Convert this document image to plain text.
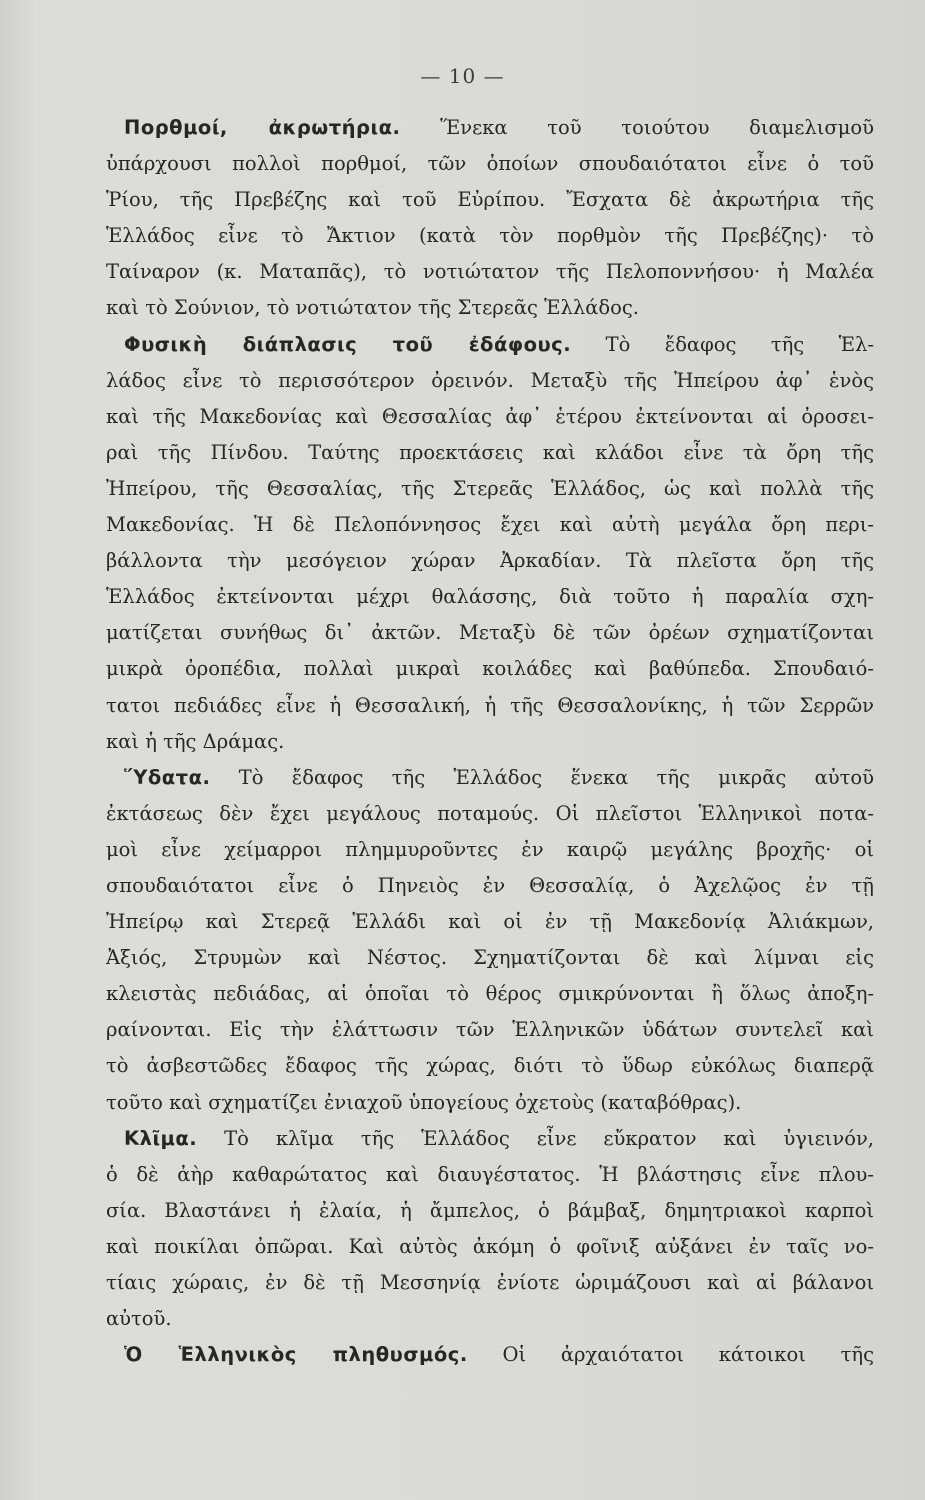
— 10 —
Πορθμοί, ἀκρωτήρια. Ἕνεκα τοῦ τοιούτου διαμελισμοῦ
ὑπάρχουσι πολλοὶ πορθμοί, τῶν ὁποίων σπουδαιότατοι εἶνε ὁ τοῦ
Ῥίου, τῆς Πρεβέζης καὶ τοῦ Εὐρίπου. Ἔσχατα δὲ ἀκρωτήρια τῆς
Ἑλλάδος εἶνε τὸ Ἄκτιον (κατὰ τὸν πορθμὸν τῆς Πρεβέζης)· τὸ
Ταίναρον (κ. Ματαπᾶς), τὸ νοτιώτατον τῆς Πελοποννήσου· ἡ Μαλέα
καὶ τὸ Σούνιον, τὸ νοτιώτατον τῆς Στερεᾶς Ἑλλάδος.
Φυσικὴ διάπλασις τοῦ ἐδάφους. Τὸ ἔδαφος τῆς Ἑλ-
λάδος εἶνε τὸ περισσότερον ὀρεινόν. Μεταξὺ τῆς Ἠπείρου ἀφ᾽ ἑνὸς
καὶ τῆς Μακεδονίας καὶ Θεσσαλίας ἀφ᾽ ἑτέρου ἐκτείνονται αἱ ὀροσει-
ραὶ τῆς Πίνδου. Ταύτης προεκτάσεις καὶ κλάδοι εἶνε τὰ ὄρη τῆς
Ἠπείρου, τῆς Θεσσαλίας, τῆς Στερεᾶς Ἑλλάδος, ὡς καὶ πολλὰ τῆς
Μακεδονίας. Ἡ δὲ Πελοπόννησος ἔχει καὶ αὐτὴ μεγάλα ὄρη περι-
βάλλοντα τὴν μεσόγειον χώραν Ἀρκαδίαν. Τὰ πλεῖστα ὄρη τῆς
Ἑλλάδος ἐκτείνονται μέχρι θαλάσσης, διὰ τοῦτο ἡ παραλία σχη-
ματίζεται συνήθως δι᾽ ἀκτῶν. Μεταξὺ δὲ τῶν ὀρέων σχηματίζονται
μικρὰ ὀροπέδια, πολλαὶ μικραὶ κοιλάδες καὶ βαθύπεδα. Σπουδαιό-
τατοι πεδιάδες εἶνε ἡ Θεσσαλική, ἡ τῆς Θεσσαλονίκης, ἡ τῶν Σερρῶν
καὶ ἡ τῆς Δράμας.
Ὕδατα. Τὸ ἔδαφος τῆς Ἑλλάδος ἕνεκα τῆς μικρᾶς αὐτοῦ
ἐκτάσεως δὲν ἔχει μεγάλους ποταμούς. Οἱ πλεῖστοι Ἑλληνικοὶ ποτα-
μοὶ εἶνε χείμαρροι πλημμυροῦντες ἐν καιρῷ μεγάλης βροχῆς· οἱ
σπουδαιότατοι εἶνε ὁ Πηνειὸς ἐν Θεσσαλίᾳ, ὁ Ἀχελῷος ἐν τῇ
Ἠπείρῳ καὶ Στερεᾷ Ἑλλάδι καὶ οἱ ἐν τῇ Μακεδονίᾳ Ἀλιάκμων,
Ἀξιός, Στρυμὼν καὶ Νέστος. Σχηματίζονται δὲ καὶ λίμναι εἰς
κλειστὰς πεδιάδας, αἱ ὁποῖαι τὸ θέρος σμικρύνονται ἢ ὅλως ἀποξη-
ραίνονται. Εἰς τὴν ἐλάττωσιν τῶν Ἑλληνικῶν ὑδάτων συντελεῖ καὶ
τὸ ἀσβεστῶδες ἔδαφος τῆς χώρας, διότι τὸ ὕδωρ εὐκόλως διαπερᾷ
τοῦτο καὶ σχηματίζει ἐνιαχοῦ ὑπογείους ὀχετοὺς (καταβόθρας).
Κλῖμα. Τὸ κλῖμα τῆς Ἑλλάδος εἶνε εὔκρατον καὶ ὑγιεινόν,
ὁ δὲ ἀὴρ καθαρώτατος καὶ διαυγέστατος. Ἡ βλάστησις εἶνε πλου-
σία. Βλαστάνει ἡ ἐλαία, ἡ ἄμπελος, ὁ βάμβαξ, δημητριακοὶ καρποὶ
καὶ ποικίλαι ὀπῶραι. Καὶ αὐτὸς ἀκόμη ὁ φοῖνιξ αὐξάνει ἐν ταῖς νο-
τίαις χώραις, ἐν δὲ τῇ Μεσσηνίᾳ ἐνίοτε ὡριμάζουσι καὶ αἱ βάλανοι
αὐτοῦ.
Ὁ Ἑλληνικὸς πληθυσμός. Οἱ ἀρχαιότατοι κάτοικοι τῆς
